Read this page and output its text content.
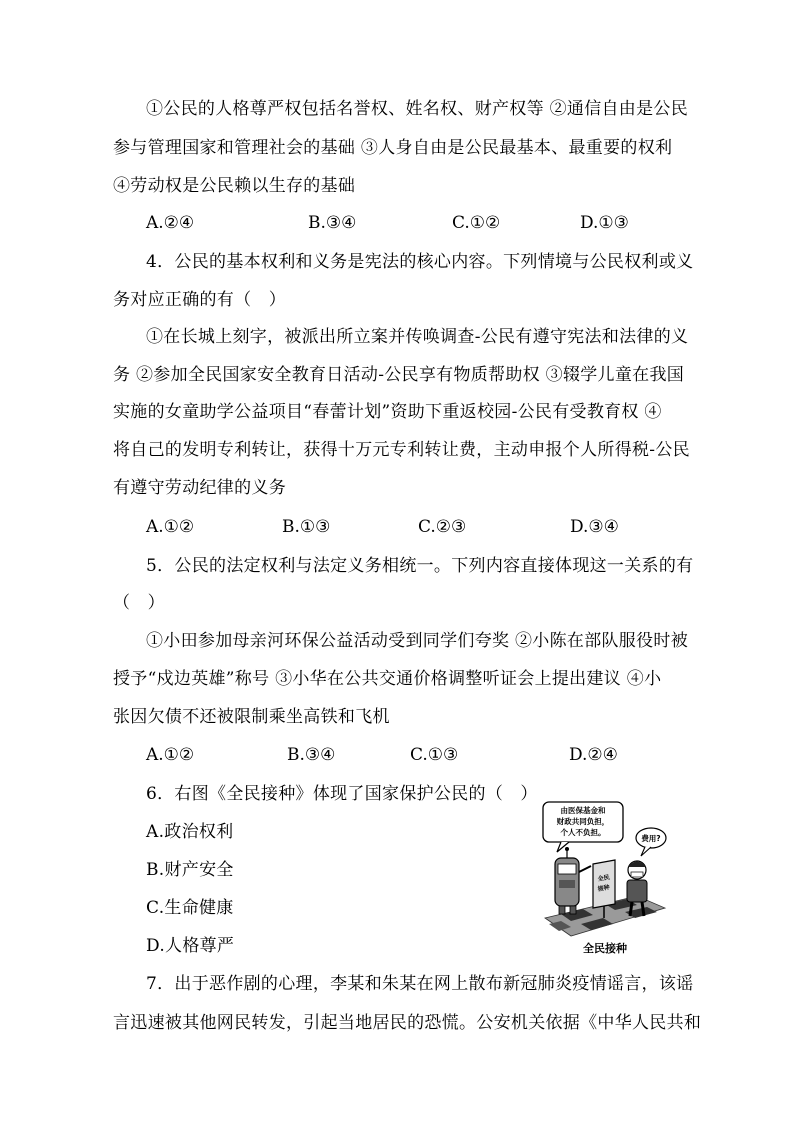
①公民的人格尊严权包括名誉权、姓名权、财产权等 ②通信自由是公民
参与管理国家和管理社会的基础 ③人身自由是公民最基本、最重要的权利
④劳动权是公民赖以生存的基础
A.②④	B.③④	C.①②	D.①③
4．公民的基本权利和义务是宪法的核心内容。下列情境与公民权利或义
务对应正确的有（　）
①在长城上刻字，被派出所立案并传唤调查-公民有遵守宪法和法律的义
务 ②参加全民国家安全教育日活动-公民享有物质帮助权 ③辍学儿童在我国
实施的女童助学公益项目“春蕾计划”资助下重返校园-公民有受教育权 ④
将自己的发明专利转让，获得十万元专利转让费，主动申报个人所得税-公民
有遵守劳动纪律的义务
A.①②	B.①③	C.②③	D.③④
5．公民的法定权利与法定义务相统一。下列内容直接体现这一关系的有
（　）
①小田参加母亲河环保公益活动受到同学们夸奖 ②小陈在部队服役时被
授予“戍边英雄”称号 ③小华在公共交通价格调整听证会上提出建议 ④小
张因欠债不还被限制乘坐高铁和飞机
A.①②	B.③④	C.①③	D.②④
6．右图《全民接种》体现了国家保护公民的（　）
A.政治权利
B.财产安全
C.生命健康
D.人格尊严
由医保基金和
财政共同负担，
个人不负担。
费用?
全民
接种
全民接种
7．出于恶作剧的心理，李某和朱某在网上散布新冠肺炎疫情谣言，该谣
言迅速被其他网民转发，引起当地居民的恐慌。公安机关依据《中华人民共和
